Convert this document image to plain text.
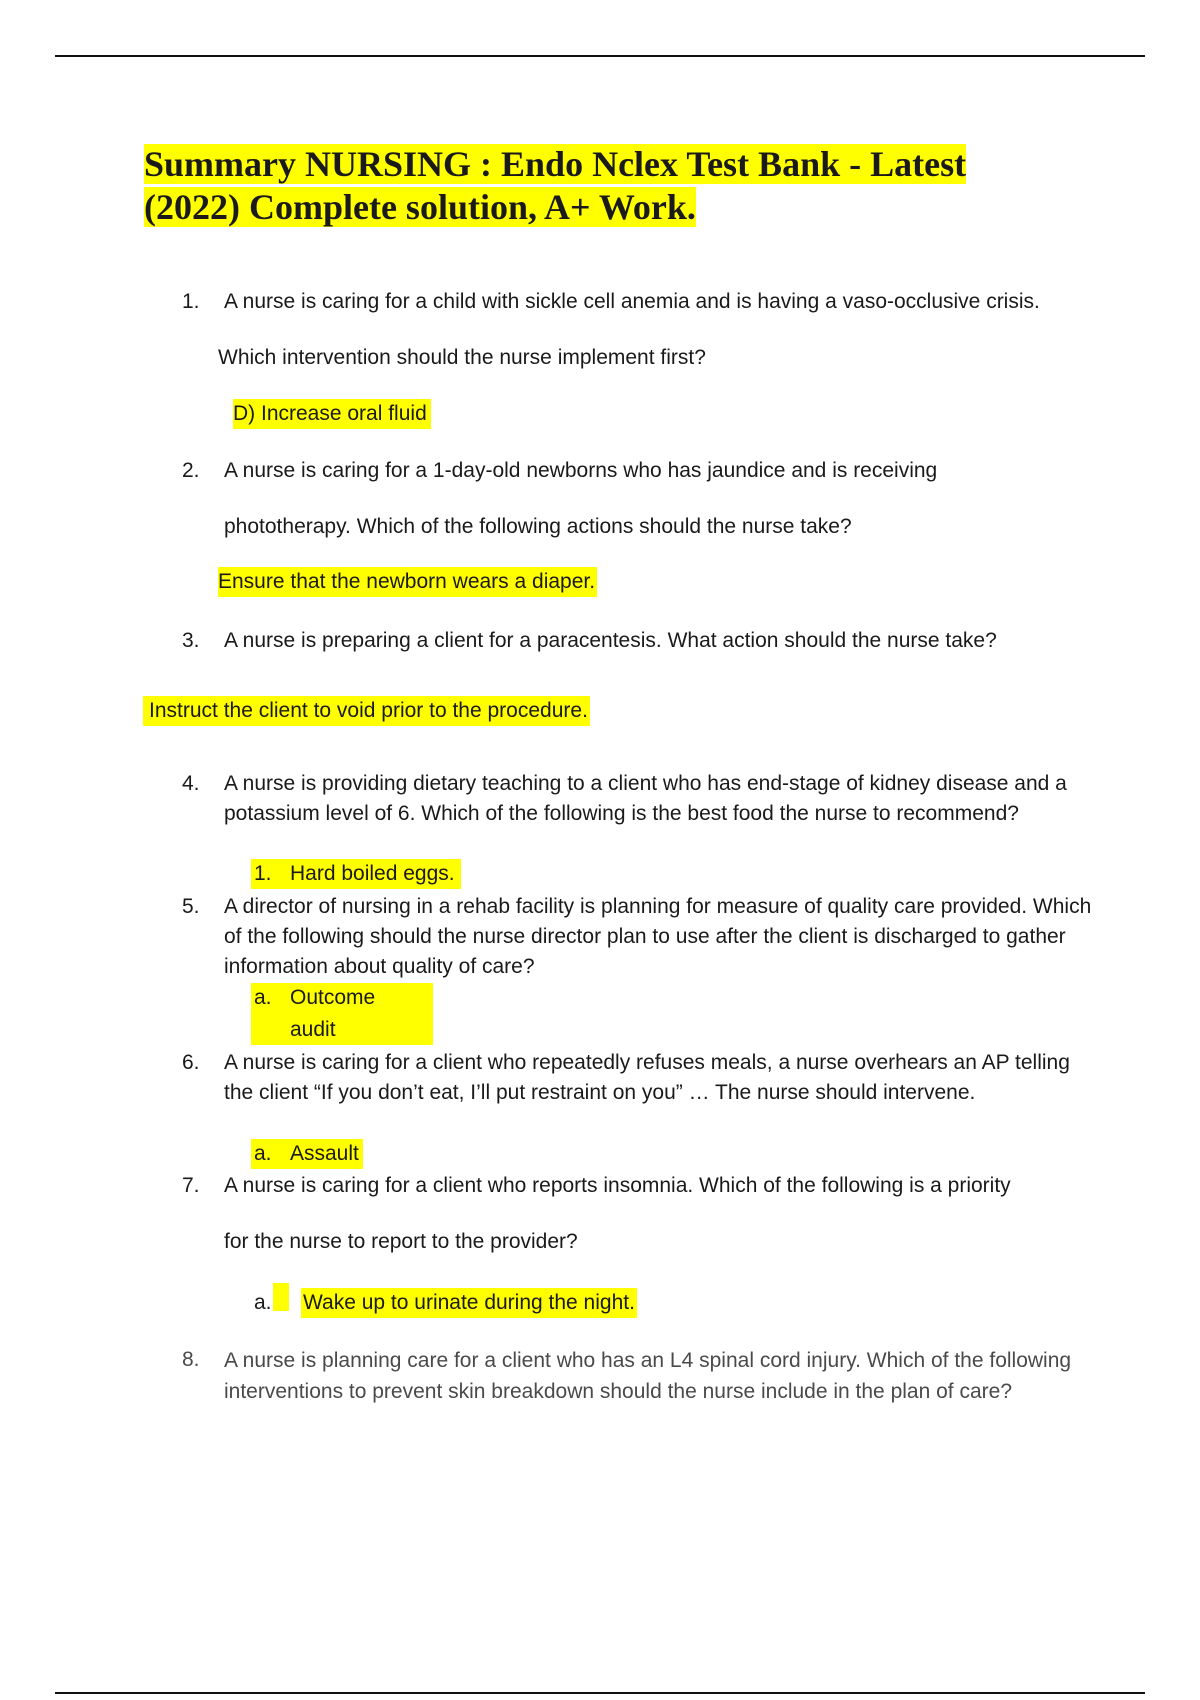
Summary NURSING : Endo Nclex Test Bank - Latest (2022) Complete solution, A+ Work.
1. A nurse is caring for a child with sickle cell anemia and is having a vaso-occlusive crisis.
Which intervention should the nurse implement first?
D) Increase oral fluid
2. A nurse is caring for a 1-day-old newborns who has jaundice and is receiving
phototherapy. Which of the following actions should the nurse take?
Ensure that the newborn wears a diaper.
3. A nurse is preparing a client for a paracentesis. What action should the nurse take?
Instruct the client to void prior to the procedure.
4. A nurse is providing dietary teaching to a client who has end-stage of kidney disease and a potassium level of 6. Which of the following is the best food the nurse to recommend?
1. Hard boiled eggs.
5. A director of nursing in a rehab facility is planning for measure of quality care provided. Which of the following should the nurse director plan to use after the client is discharged to gather information about quality of care?
a. Outcome
audit
6. A nurse is caring for a client who repeatedly refuses meals, a nurse overhears an AP telling the client “If you don’t eat, I’ll put restraint on you” … The nurse should intervene.
a. Assault
7. A nurse is caring for a client who reports insomnia. Which of the following is a priority
for the nurse to report to the provider?
a. Wake up to urinate during the night.
8. A nurse is planning care for a client who has an L4 spinal cord injury. Which of the following interventions to prevent skin breakdown should the nurse include in the plan of care?
